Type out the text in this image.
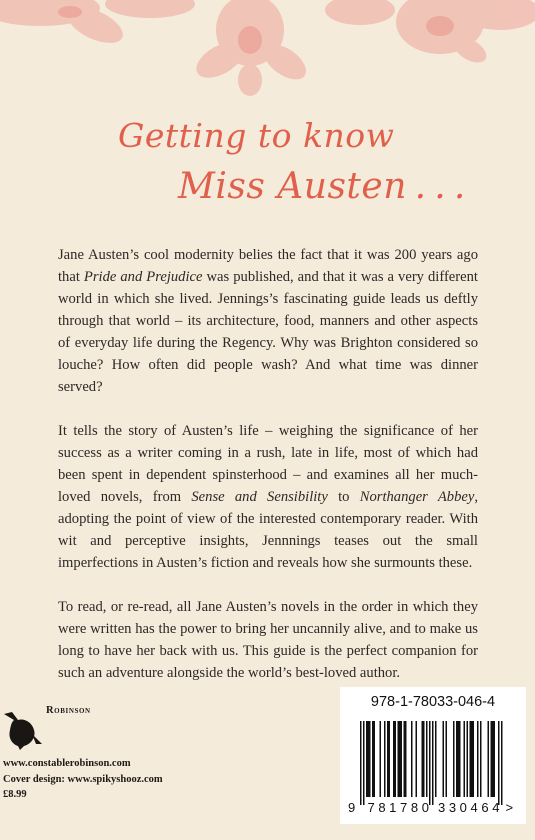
Getting to know
Miss Austen . . .

Jane Austen’s cool modernity belies the fact that it was 200 years ago that Pride and Prejudice was published, and that it was a very different world in which she lived. Jennings’s fascinating guide leads us deftly through that world – its architecture, food, manners and other aspects of everyday life during the Regency. Why was Brighton considered so louche? How often did people wash? And what time was dinner served?

It tells the story of Austen’s life – weighing the significance of her success as a writer coming in a rush, late in life, most of which had been spent in dependent spinsterhood – and examines all her much-loved novels, from Sense and Sensibility to Northanger Abbey, adopting the point of view of the interested contemporary reader. With wit and perceptive insights, Jennnings teases out the small imperfections in Austen’s fiction and reveals how she surmounts these.

To read, or re-read, all Jane Austen’s novels in the order in which they were written has the power to bring her uncannily alive, and to make us long to have her back with us. This guide is the perfect companion for such an adventure alongside the world’s best-loved author.

Robinson
www.constablerobinson.com
Cover design: www.spikyshooz.com
£8.99
978-1-78033-046-4
9 7 8 1 7 8 0 3 3 0 4 6 4 >
